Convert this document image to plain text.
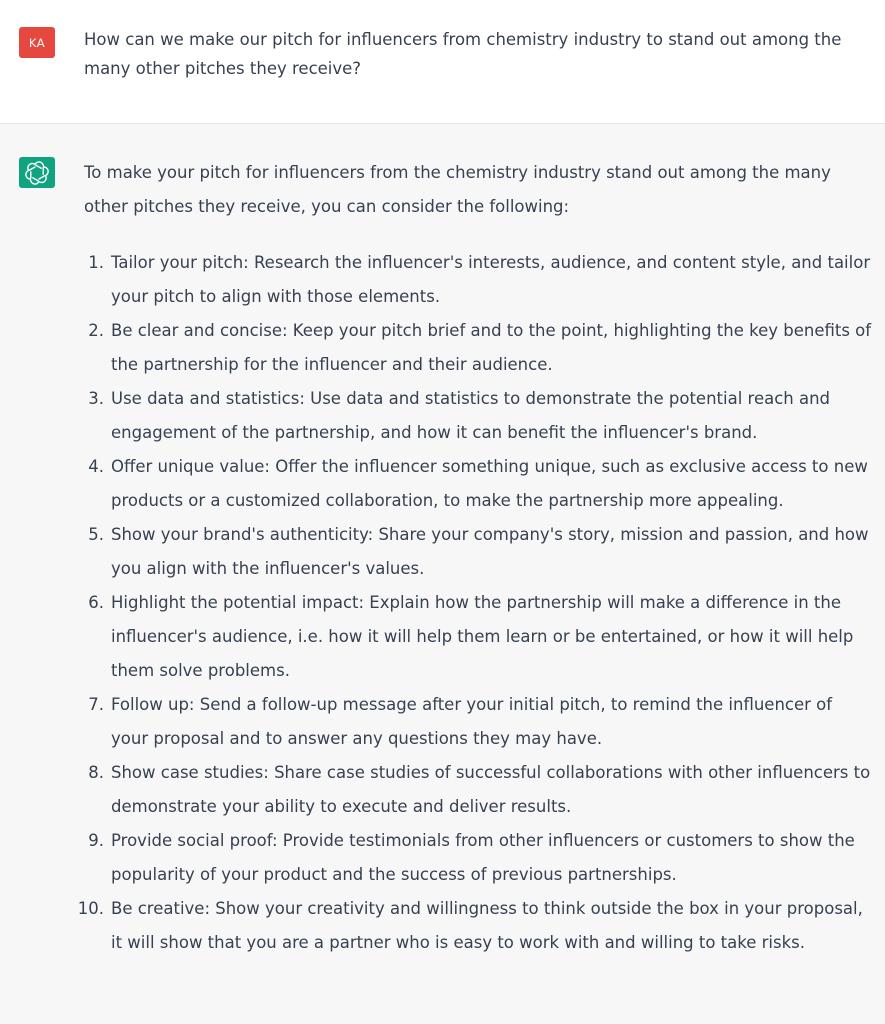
KA	How can we make our pitch for influencers from chemistry industry to stand out among the many other pitches they receive?

To make your pitch for influencers from the chemistry industry stand out among the many other pitches they receive, you can consider the following:

Tailor your pitch: Research the influencer's interests, audience, and content style, and tailor your pitch to align with those elements.
Be clear and concise: Keep your pitch brief and to the point, highlighting the key benefits of the partnership for the influencer and their audience.
Use data and statistics: Use data and statistics to demonstrate the potential reach and engagement of the partnership, and how it can benefit the influencer's brand.
Offer unique value: Offer the influencer something unique, such as exclusive access to new products or a customized collaboration, to make the partnership more appealing.
Show your brand's authenticity: Share your company's story, mission and passion, and how you align with the influencer's values.
Highlight the potential impact: Explain how the partnership will make a difference in the influencer's audience, i.e. how it will help them learn or be entertained, or how it will help them solve problems.
Follow up: Send a follow-up message after your initial pitch, to remind the influencer of your proposal and to answer any questions they may have.
Show case studies: Share case studies of successful collaborations with other influencers to demonstrate your ability to execute and deliver results.
Provide social proof: Provide testimonials from other influencers or customers to show the popularity of your product and the success of previous partnerships.
Be creative: Show your creativity and willingness to think outside the box in your proposal, it will show that you are a partner who is easy to work with and willing to take risks.
